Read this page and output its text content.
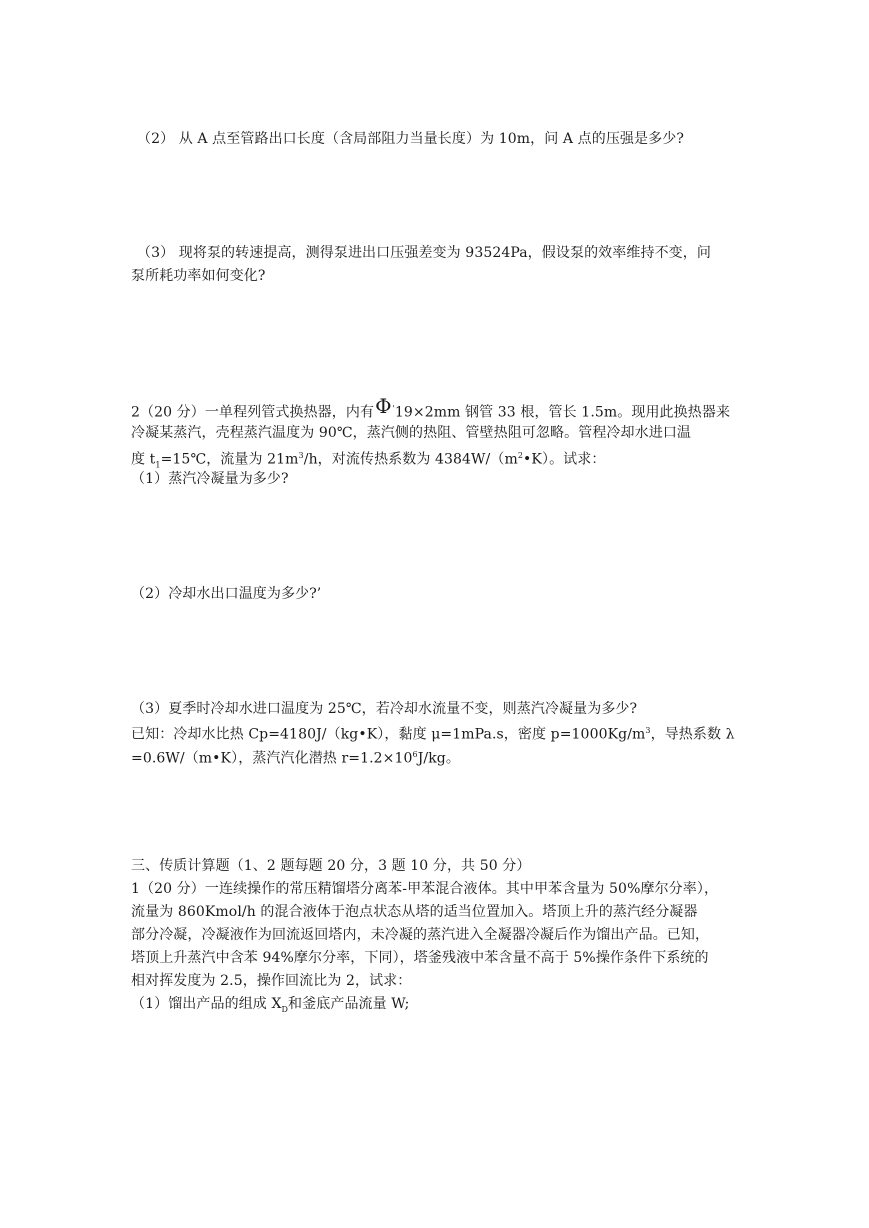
（2） 从 A 点至管路出口长度（含局部阻力当量长度）为 10m，问 A 点的压强是多少?
（3） 现将泵的转速提高，测得泵进出口压强差变为 93524Pa，假设泵的效率维持不变，问
泵所耗功率如何变化?
2（20 分）一单程列管式换热器，内有Φ'19×2mm 钢管 33 根，管长 1.5m。现用此换热器来
冷凝某蒸汽，壳程蒸汽温度为 90℃，蒸汽侧的热阻、管壁热阻可忽略。管程冷却水进口温
度 $t_1=15℃$，流量为 $21m^3/h$，对流传热系数为 $4384W/(m^2•K)$。试求：
（1）蒸汽冷凝量为多少?
（2）冷却水出口温度为多少?’
（3）夏季时冷却水进口温度为 25℃，若冷却水流量不变，则蒸汽冷凝量为多少?
已知：冷却水比热 Cp=4180J/（kg•K），黏度 μ=1mPa.s，密度 $p=1000Kg/m^3$，导热系数 λ
=0.6W/（m•K），蒸汽汽化潜热 $r=1.2\times 10^6J/kg$。
三、传质计算题（1、2 题每题 20 分，3 题 10 分，共 50 分）
1（20 分）一连续操作的常压精馏塔分离苯-甲苯混合液体。其中甲苯含量为 50%摩尔分率），
流量为 860Kmol/h 的混合液体于泡点状态从塔的适当位置加入。塔顶上升的蒸汽经分凝器
部分冷凝，冷凝液作为回流返回塔内，未冷凝的蒸汽进入全凝器冷凝后作为馏出产品。已知，
塔顶上升蒸汽中含苯 94%摩尔分率，下同），塔釜残液中苯含量不高于 5%操作条件下系统的
相对挥发度为 2.5，操作回流比为 2，试求：
（1）馏出产品的组成 $X_D$和釜底产品流量 W;
